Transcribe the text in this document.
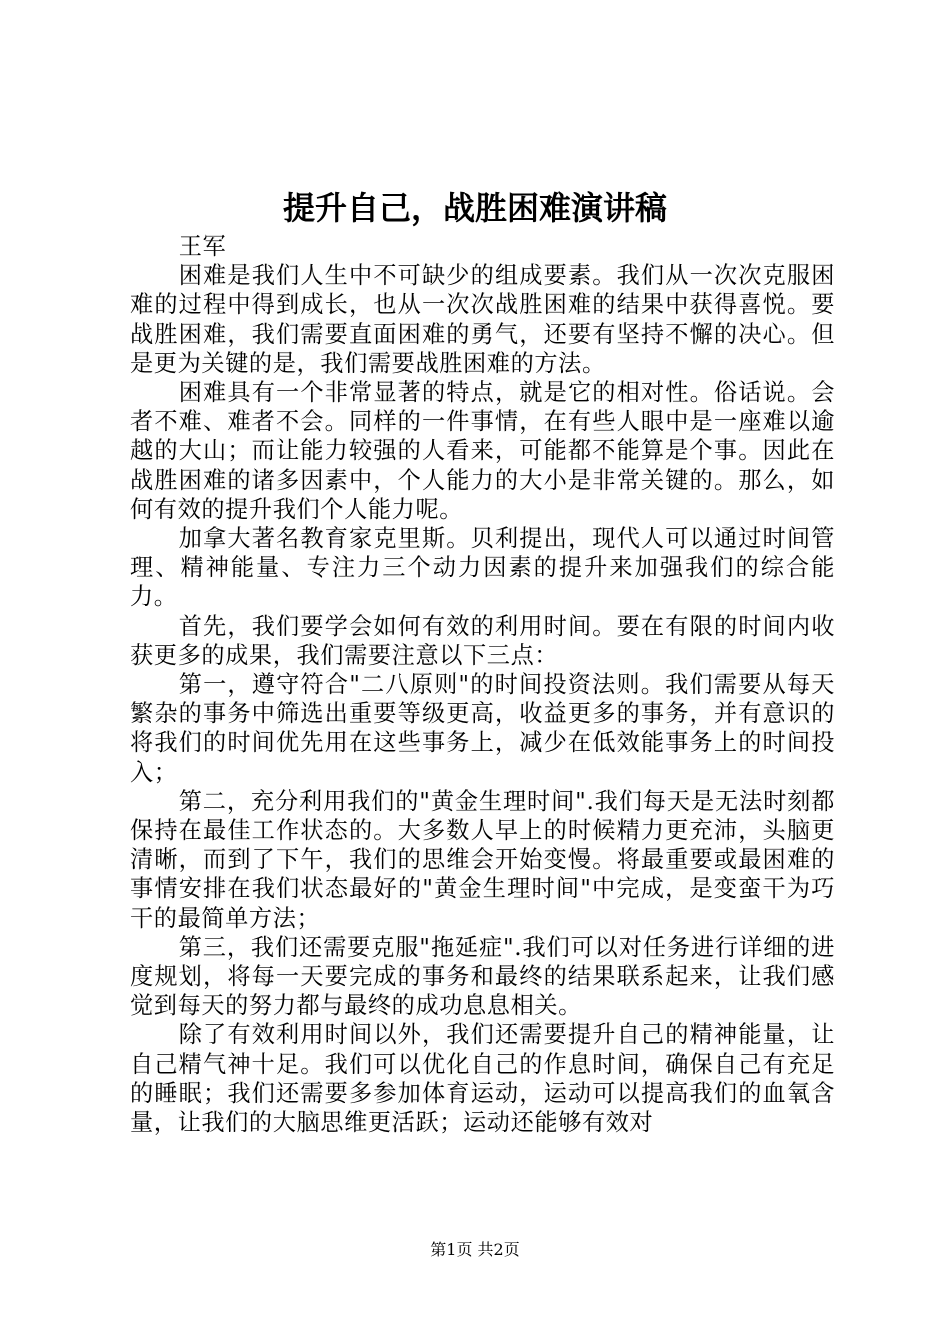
提升自己，战胜困难演讲稿

王军

困难是我们人生中不可缺少的组成要素。我们从一次次克服困难的过程中得到成长，也从一次次战胜困难的结果中获得喜悦。要战胜困难，我们需要直面困难的勇气，还要有坚持不懈的决心。但是更为关键的是，我们需要战胜困难的方法。

困难具有一个非常显著的特点，就是它的相对性。俗话说。会者不难、难者不会。同样的一件事情，在有些人眼中是一座难以逾越的大山；而让能力较强的人看来，可能都不能算是个事。因此在战胜困难的诸多因素中，个人能力的大小是非常关键的。那么，如何有效的提升我们个人能力呢。

加拿大著名教育家克里斯。贝利提出，现代人可以通过时间管理、精神能量、专注力三个动力因素的提升来加强我们的综合能力。

首先，我们要学会如何有效的利用时间。要在有限的时间内收获更多的成果，我们需要注意以下三点：

第一，遵守符合"二八原则"的时间投资法则。我们需要从每天繁杂的事务中筛选出重要等级更高，收益更多的事务，并有意识的将我们的时间优先用在这些事务上，减少在低效能事务上的时间投入；

第二，充分利用我们的"黄金生理时间".我们每天是无法时刻都保持在最佳工作状态的。大多数人早上的时候精力更充沛，头脑更清晰，而到了下午，我们的思维会开始变慢。将最重要或最困难的事情安排在我们状态最好的"黄金生理时间"中完成，是变蛮干为巧干的最简单方法；

第三，我们还需要克服"拖延症".我们可以对任务进行详细的进度规划，将每一天要完成的事务和最终的结果联系起来，让我们感觉到每天的努力都与最终的成功息息相关。

除了有效利用时间以外，我们还需要提升自己的精神能量，让自己精气神十足。我们可以优化自己的作息时间，确保自己有充足的睡眠；我们还需要多参加体育运动，运动可以提高我们的血氧含量，让我们的大脑思维更活跃；运动还能够有效对

第1页 共2页
